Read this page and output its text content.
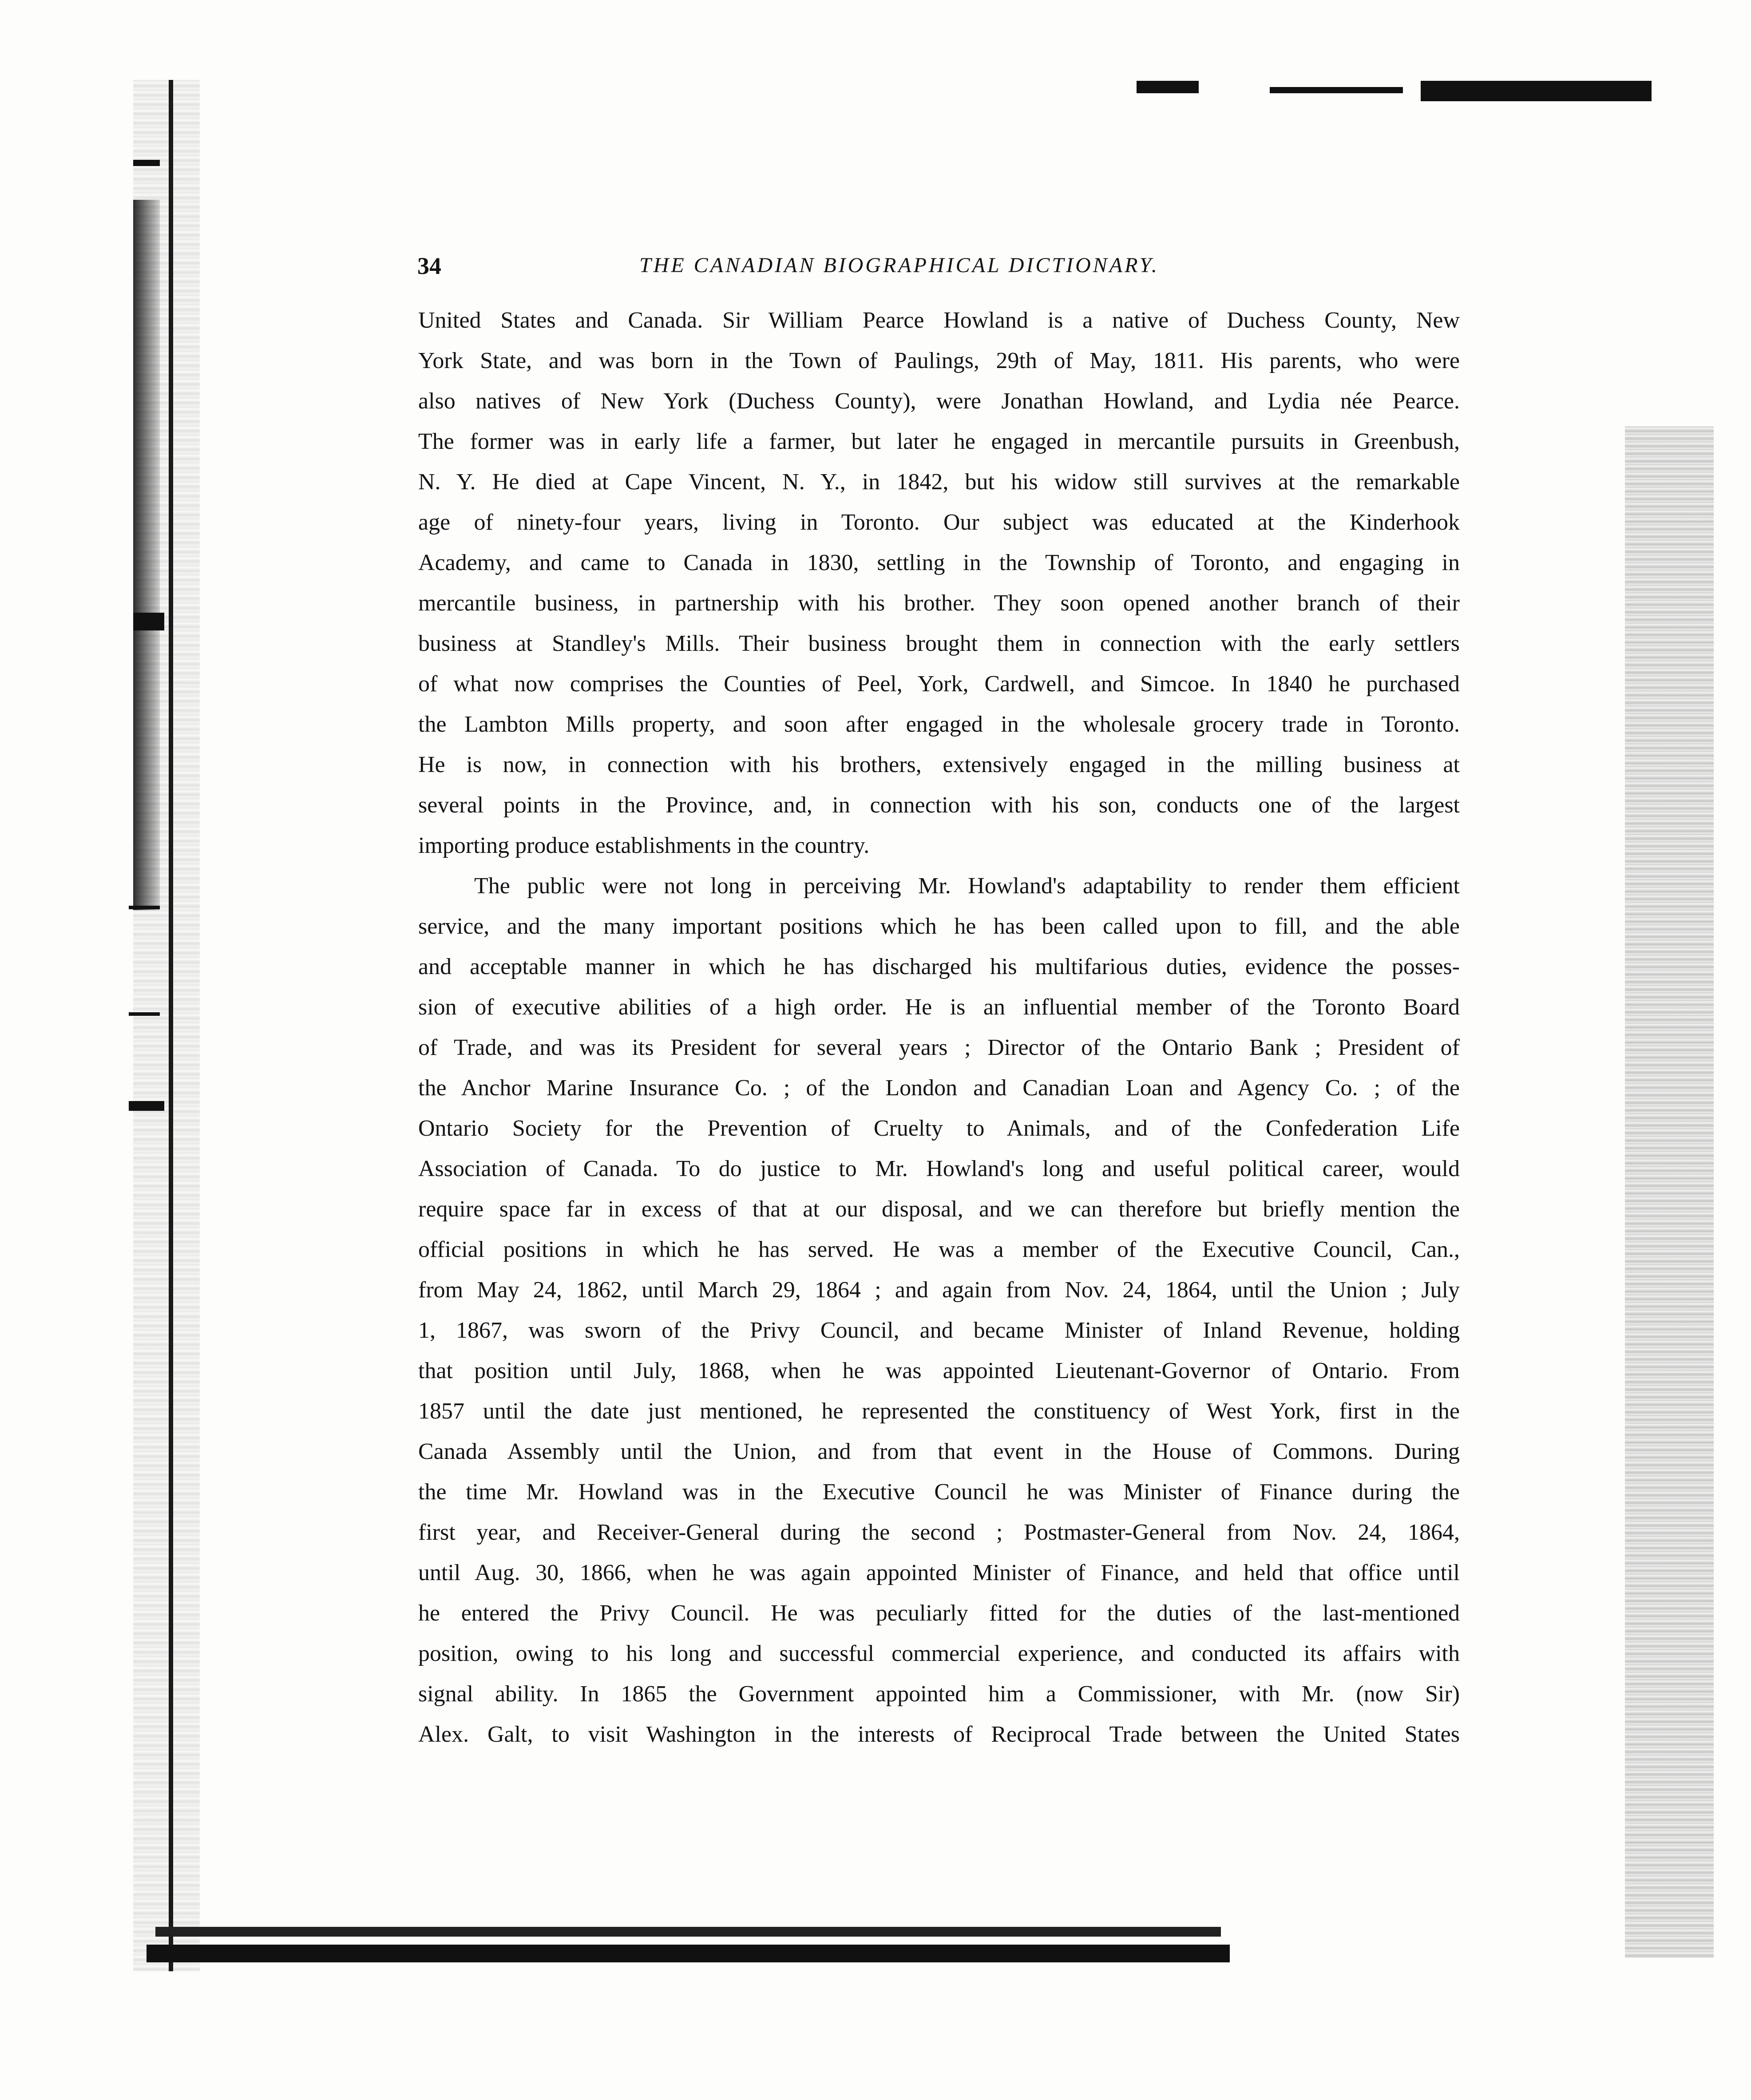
34	THE CANADIAN BIOGRAPHICAL DICTIONARY.
United States and Canada. Sir William Pearce Howland is a native of Duchess County, New
York State, and was born in the Town of Paulings, 29th of May, 1811. His parents, who were
also natives of New York (Duchess County), were Jonathan Howland, and Lydia née Pearce.
The former was in early life a farmer, but later he engaged in mercantile pursuits in Greenbush,
N. Y. He died at Cape Vincent, N. Y., in 1842, but his widow still survives at the remarkable
age of ninety-four years, living in Toronto. Our subject was educated at the Kinderhook
Academy, and came to Canada in 1830, settling in the Township of Toronto, and engaging in
mercantile business, in partnership with his brother. They soon opened another branch of their
business at Standley's Mills. Their business brought them in connection with the early settlers
of what now comprises the Counties of Peel, York, Cardwell, and Simcoe. In 1840 he purchased
the Lambton Mills property, and soon after engaged in the wholesale grocery trade in Toronto.
He is now, in connection with his brothers, extensively engaged in the milling business at
several points in the Province, and, in connection with his son, conducts one of the largest
importing produce establishments in the country.
The public were not long in perceiving Mr. Howland's adaptability to render them efficient
service, and the many important positions which he has been called upon to fill, and the able
and acceptable manner in which he has discharged his multifarious duties, evidence the posses-
sion of executive abilities of a high order. He is an influential member of the Toronto Board
of Trade, and was its President for several years ; Director of the Ontario Bank ; President of
the Anchor Marine Insurance Co. ; of the London and Canadian Loan and Agency Co. ; of the
Ontario Society for the Prevention of Cruelty to Animals, and of the Confederation Life
Association of Canada. To do justice to Mr. Howland's long and useful political career, would
require space far in excess of that at our disposal, and we can therefore but briefly mention the
official positions in which he has served. He was a member of the Executive Council, Can.,
from May 24, 1862, until March 29, 1864 ; and again from Nov. 24, 1864, until the Union ; July
1, 1867, was sworn of the Privy Council, and became Minister of Inland Revenue, holding
that position until July, 1868, when he was appointed Lieutenant-Governor of Ontario. From
1857 until the date just mentioned, he represented the constituency of West York, first in the
Canada Assembly until the Union, and from that event in the House of Commons. During
the time Mr. Howland was in the Executive Council he was Minister of Finance during the
first year, and Receiver-General during the second ; Postmaster-General from Nov. 24, 1864,
until Aug. 30, 1866, when he was again appointed Minister of Finance, and held that office until
he entered the Privy Council. He was peculiarly fitted for the duties of the last-mentioned
position, owing to his long and successful commercial experience, and conducted its affairs with
signal ability. In 1865 the Government appointed him a Commissioner, with Mr. (now Sir)
Alex. Galt, to visit Washington in the interests of Reciprocal Trade between the United States
